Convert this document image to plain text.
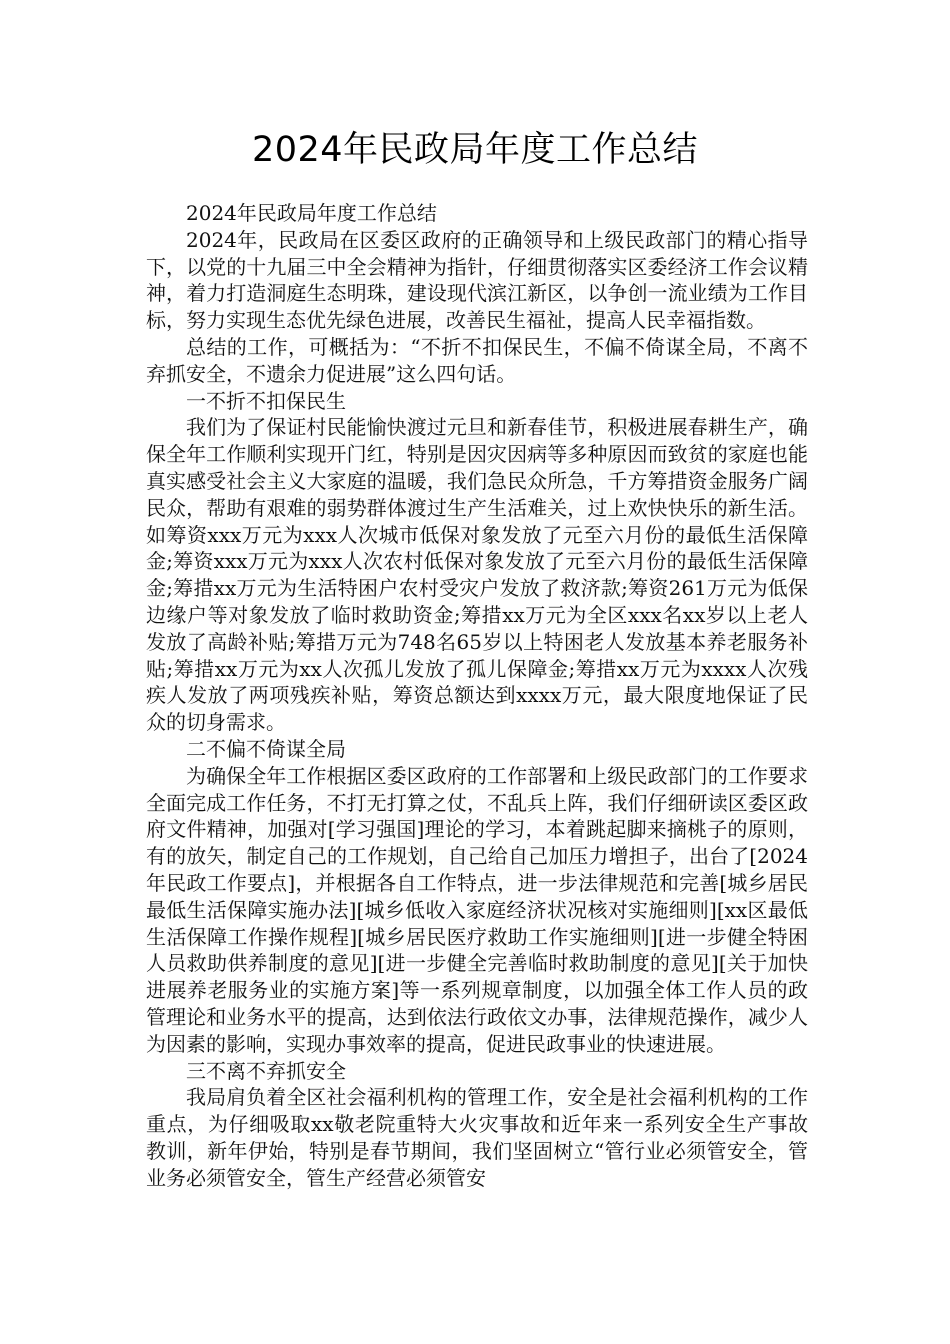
2024年民政局年度工作总结

2024年民政局年度工作总结

2024年，民政局在区委区政府的正确领导和上级民政部门的精心指导下，以党的十九届三中全会精神为指针，仔细贯彻落实区委经济工作会议精神，着力打造洞庭生态明珠，建设现代滨江新区，以争创一流业绩为工作目标，努力实现生态优先绿色进展，改善民生福祉，提高人民幸福指数。

总结的工作，可概括为：“不折不扣保民生，不偏不倚谋全局，不离不弃抓安全，不遗余力促进展”这么四句话。

一不折不扣保民生

我们为了保证村民能愉快渡过元旦和新春佳节，积极进展春耕生产，确保全年工作顺利实现开门红，特别是因灾因病等多种原因而致贫的家庭也能真实感受社会主义大家庭的温暖，我们急民众所急，千方筹措资金服务广阔民众，帮助有艰难的弱势群体渡过生产生活难关，过上欢快快乐的新生活。如筹资xxx万元为xxx人次城市低保对象发放了元至六月份的最低生活保障金;筹资xxx万元为xxx人次农村低保对象发放了元至六月份的最低生活保障金;筹措xx万元为生活特困户农村受灾户发放了救济款;筹资261万元为低保边缘户等对象发放了临时救助资金;筹措xx万元为全区xxx名xx岁以上老人发放了高龄补贴;筹措万元为748名65岁以上特困老人发放基本养老服务补贴;筹措xx万元为xx人次孤儿发放了孤儿保障金;筹措xx万元为xxxx人次残疾人发放了两项残疾补贴，筹资总额达到xxxx万元，最大限度地保证了民众的切身需求。

二不偏不倚谋全局

为确保全年工作根据区委区政府的工作部署和上级民政部门的工作要求全面完成工作任务，不打无打算之仗，不乱兵上阵，我们仔细研读区委区政府文件精神，加强对[学习强国]理论的学习，本着跳起脚来摘桃子的原则，有的放矢，制定自己的工作规划，自己给自己加压力增担子，出台了[2024年民政工作要点]，并根据各自工作特点，进一步法律规范和完善[城乡居民最低生活保障实施办法][城乡低收入家庭经济状况核对实施细则][xx区最低生活保障工作操作规程][城乡居民医疗救助工作实施细则][进一步健全特困人员救助供养制度的意见][进一步健全完善临时救助制度的意见][关于加快进展养老服务业的实施方案]等一系列规章制度，以加强全体工作人员的政管理论和业务水平的提高，达到依法行政依文办事，法律规范操作，减少人为因素的影响，实现办事效率的提高，促进民政事业的快速进展。

三不离不弃抓安全

我局肩负着全区社会福利机构的管理工作，安全是社会福利机构的工作重点，为仔细吸取xx敬老院重特大火灾事故和近年来一系列安全生产事故教训，新年伊始，特别是春节期间，我们坚固树立“管行业必须管安全，管业务必须管安全，管生产经营必须管安
